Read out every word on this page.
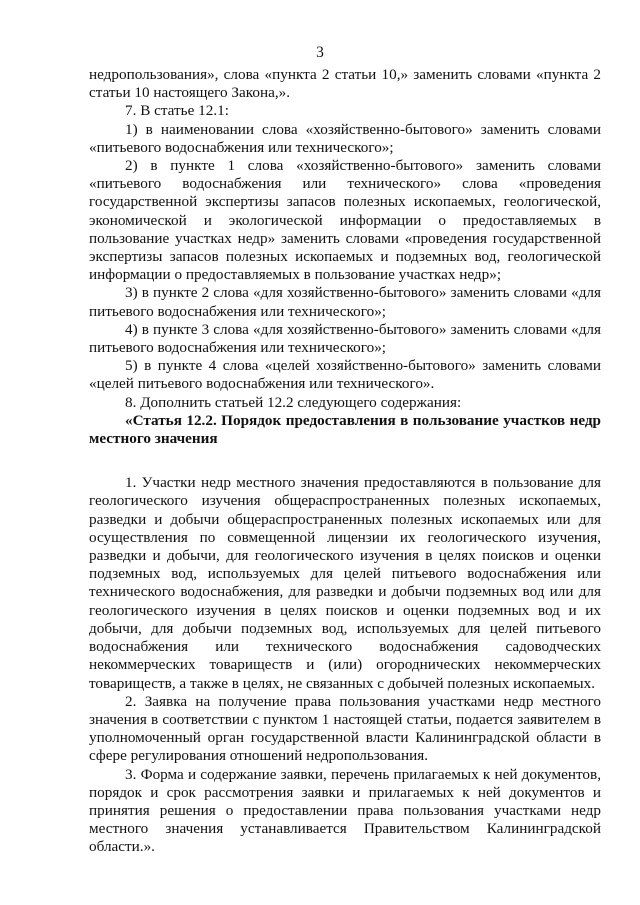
3

недропользования», слова «пункта 2 статьи 10,» заменить словами «пункта 2 статьи 10 настоящего Закона,».

7. В статье 12.1:

1) в наименовании слова «хозяйственно-бытового» заменить словами «питьевого водоснабжения или технического»;

2) в пункте 1 слова «хозяйственно-бытового» заменить словами «питьевого водоснабжения или технического» слова «проведения государственной экспертизы запасов полезных ископаемых, геологической, экономической и экологической информации о предоставляемых в пользование участках недр» заменить словами «проведения государственной экспертизы запасов полезных ископаемых и подземных вод, геологической информации о предоставляемых в пользование участках недр»;

3) в пункте 2 слова «для хозяйственно-бытового» заменить словами «для питьевого водоснабжения или технического»;

4) в пункте 3 слова «для хозяйственно-бытового» заменить словами «для питьевого водоснабжения или технического»;

5) в пункте 4 слова «целей хозяйственно-бытового» заменить словами «целей питьевого водоснабжения или технического».

8. Дополнить статьей 12.2 следующего содержания:

«Статья 12.2. Порядок предоставления в пользование участков недр местного значения

1. Участки недр местного значения предоставляются в пользование для геологического изучения общераспространенных полезных ископаемых, разведки и добычи общераспространенных полезных ископаемых или для осуществления по совмещенной лицензии их геологического изучения, разведки и добычи, для геологического изучения в целях поисков и оценки подземных вод, используемых для целей питьевого водоснабжения или технического водоснабжения, для разведки и добычи подземных вод или для геологического изучения в целях поисков и оценки подземных вод и их добычи, для добычи подземных вод, используемых для целей питьевого водоснабжения или технического водоснабжения садоводческих некоммерческих товариществ и (или) огороднических некоммерческих товариществ, а также в целях, не связанных с добычей полезных ископаемых.

2. Заявка на получение права пользования участками недр местного значения в соответствии с пунктом 1 настоящей статьи, подается заявителем в уполномоченный орган государственной власти Калининградской области в сфере регулирования отношений недропользования.

3. Форма и содержание заявки, перечень прилагаемых к ней документов, порядок и срок рассмотрения заявки и прилагаемых к ней документов и принятия решения о предоставлении права пользования участками недр местного значения устанавливается Правительством Калининградской области.».
